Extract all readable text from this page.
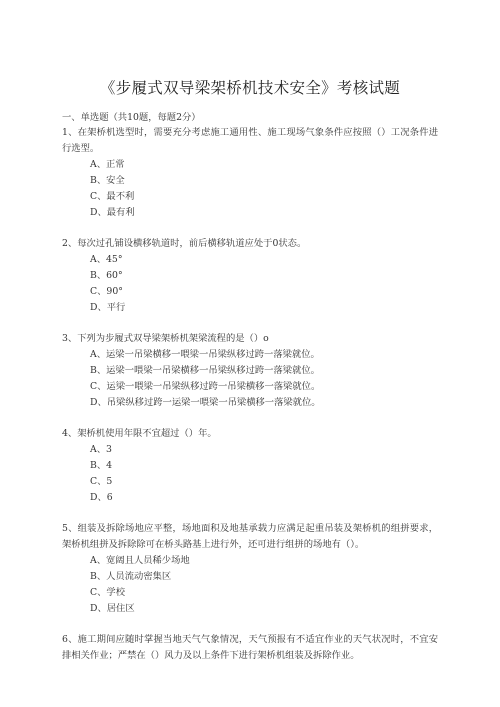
《步履式双导梁架桥机技术安全》考核试题
一、单选题（共10题，每题2分）

1、在架桥机选型时，需要充分考虑施工通用性、施工现场气象条件应按照（）工况条件进行选型。

A、正常
B、安全
C、最不利
D、最有利

2、每次过孔铺设横移轨道时，前后横移轨道应处于0状态。

A、45°
B、60°
C、90°
D、平行

3、下列为步履式双导梁架桥机架梁流程的是（）o

A、运梁一吊梁横移一喂梁一吊梁纵移过跨一落梁就位。
B、运梁一喂梁一吊梁横移一吊梁纵移过跨一落梁就位。
C、运梁一喂梁一吊梁纵移过跨一吊梁横移一落梁就位。
D、吊梁纵移过跨一运梁一喂梁一吊梁横移一落梁就位。

4、架桥机使用年限不宜超过（）年。

A、3
B、4
C、5
D、6

5、组装及拆除场地应平整，场地面积及地基承载力应满足起重吊装及架桥机的组拼要求，架桥机组拼及拆除除可在桥头路基上进行外，还可进行组拼的场地有（）。

A、宽阔且人员稀少场地
B、人员流动密集区
C、学校
D、居住区

6、施工期间应随时掌握当地天气气象情况，天气预报有不适宜作业的天气状况时，不宜安排相关作业；严禁在（）风力及以上条件下进行架桥机组装及拆除作业。
